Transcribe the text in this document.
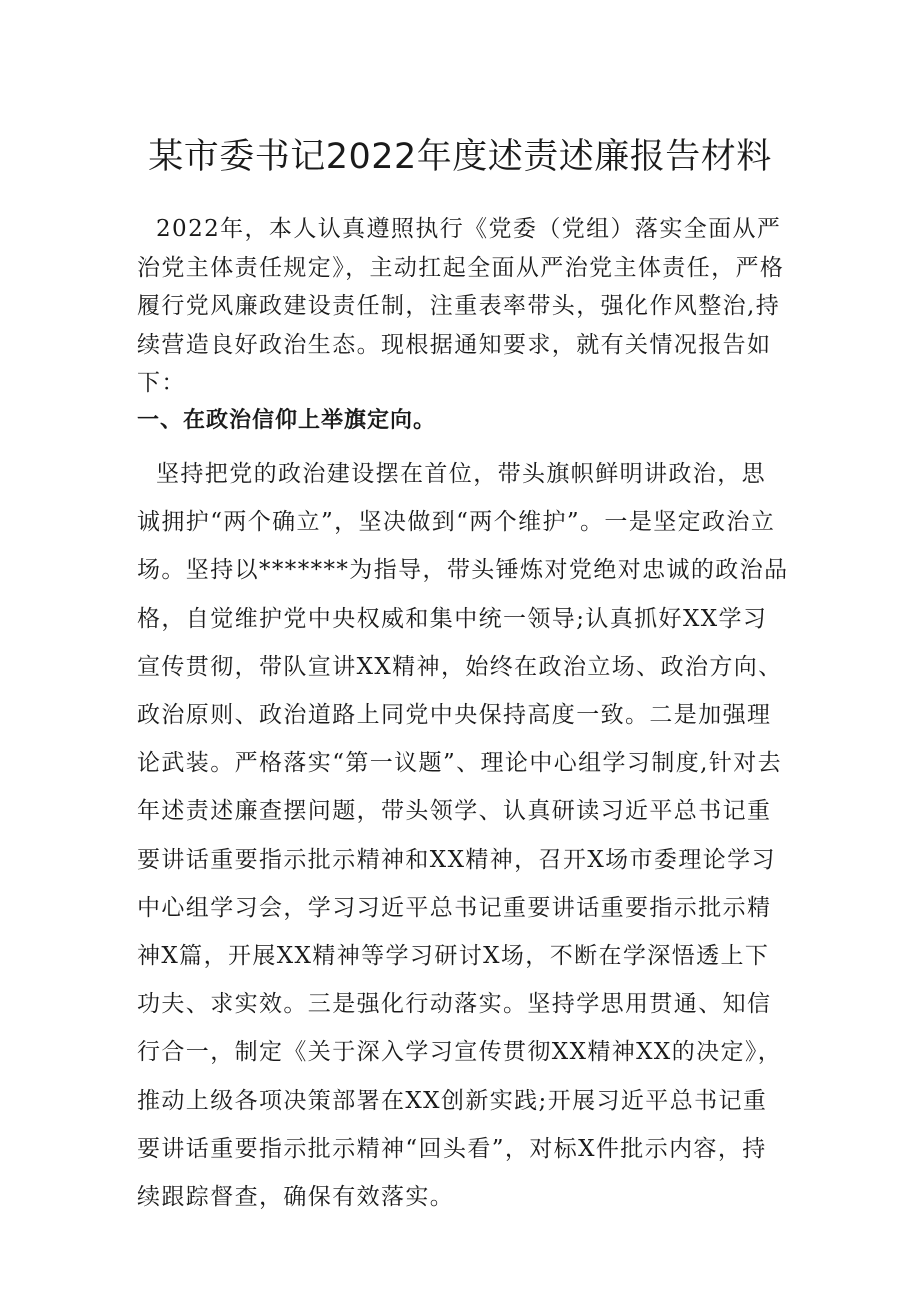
某市委书记2022年度述责述廉报告材料

2022年，本人认真遵照执行《党委（党组）落实全面从严治党主体责任规定》，主动扛起全面从严治党主体责任，严格履行党风廉政建设责任制，注重表率带头，强化作风整治,持续营造良好政治生态。现根据通知要求，就有关情况报告如下：

一、在政治信仰上举旗定向。

坚持把党的政治建设摆在首位，带头旗帜鲜明讲政治，思诚拥护“两个确立”，坚决做到“两个维护”。一是坚定政治立场。坚持以*******为指导，带头锤炼对党绝对忠诚的政治品格，自觉维护党中央权威和集中统一领导;认真抓好XX学习宣传贯彻，带队宣讲XX精神，始终在政治立场、政治方向、政治原则、政治道路上同党中央保持高度一致。二是加强理论武装。严格落实“第一议题”、理论中心组学习制度,针对去年述责述廉查摆问题，带头领学、认真研读习近平总书记重要讲话重要指示批示精神和XX精神，召开X场市委理论学习中心组学习会，学习习近平总书记重要讲话重要指示批示精神X篇，开展XX精神等学习研讨X场，不断在学深悟透上下功夫、求实效。三是强化行动落实。坚持学思用贯通、知信行合一，制定《关于深入学习宣传贯彻XX精神XX的决定》，推动上级各项决策部署在XX创新实践;开展习近平总书记重要讲话重要指示批示精神“回头看”，对标X件批示内容，持续跟踪督查，确保有效落实。
